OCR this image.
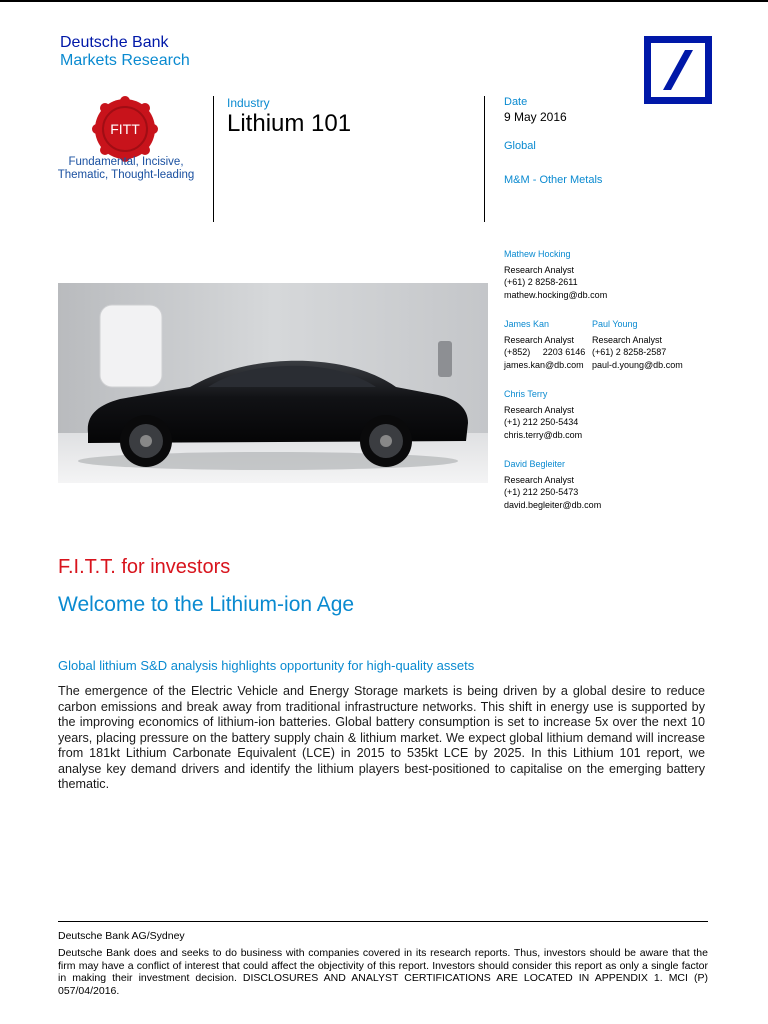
Deutsche Bank
Markets Research
FITT
Fundamental, Incisive, Thematic, Thought-leading
Industry
Lithium 101
Date
9 May 2016
Global
M&M - Other Metals
Mathew Hocking
Research Analyst
(+61) 2 8258-2611
mathew.hocking@db.com
James Kan
Research Analyst
(+852)     2203 6146
james.kan@db.com
Paul Young
Research Analyst
(+61) 2 8258-2587
paul-d.young@db.com
Chris Terry
Research Analyst
(+1) 212 250-5434
chris.terry@db.com
David Begleiter
Research Analyst
(+1) 212 250-5473
david.begleiter@db.com
F.I.T.T. for investors
Welcome to the Lithium-ion Age
Global lithium S&D analysis highlights opportunity for high-quality assets
The emergence of the Electric Vehicle and Energy Storage markets is being driven by a global desire to reduce carbon emissions and break away from traditional infrastructure networks. This shift in energy use is supported by the improving economics of lithium-ion batteries. Global battery consumption is set to increase 5x over the next 10 years, placing pressure on the battery supply chain & lithium market. We expect global lithium demand will increase from 181kt Lithium Carbonate Equivalent (LCE) in 2015 to 535kt LCE by 2025. In this Lithium 101 report, we analyse key demand drivers and identify the lithium players best-positioned to capitalise on the emerging battery thematic.
Deutsche Bank AG/Sydney
Deutsche Bank does and seeks to do business with companies covered in its research reports. Thus, investors should be aware that the firm may have a conflict of interest that could affect the objectivity of this report. Investors should consider this report as only a single factor in making their investment decision. DISCLOSURES AND ANALYST CERTIFICATIONS ARE LOCATED IN APPENDIX 1. MCI (P) 057/04/2016.
